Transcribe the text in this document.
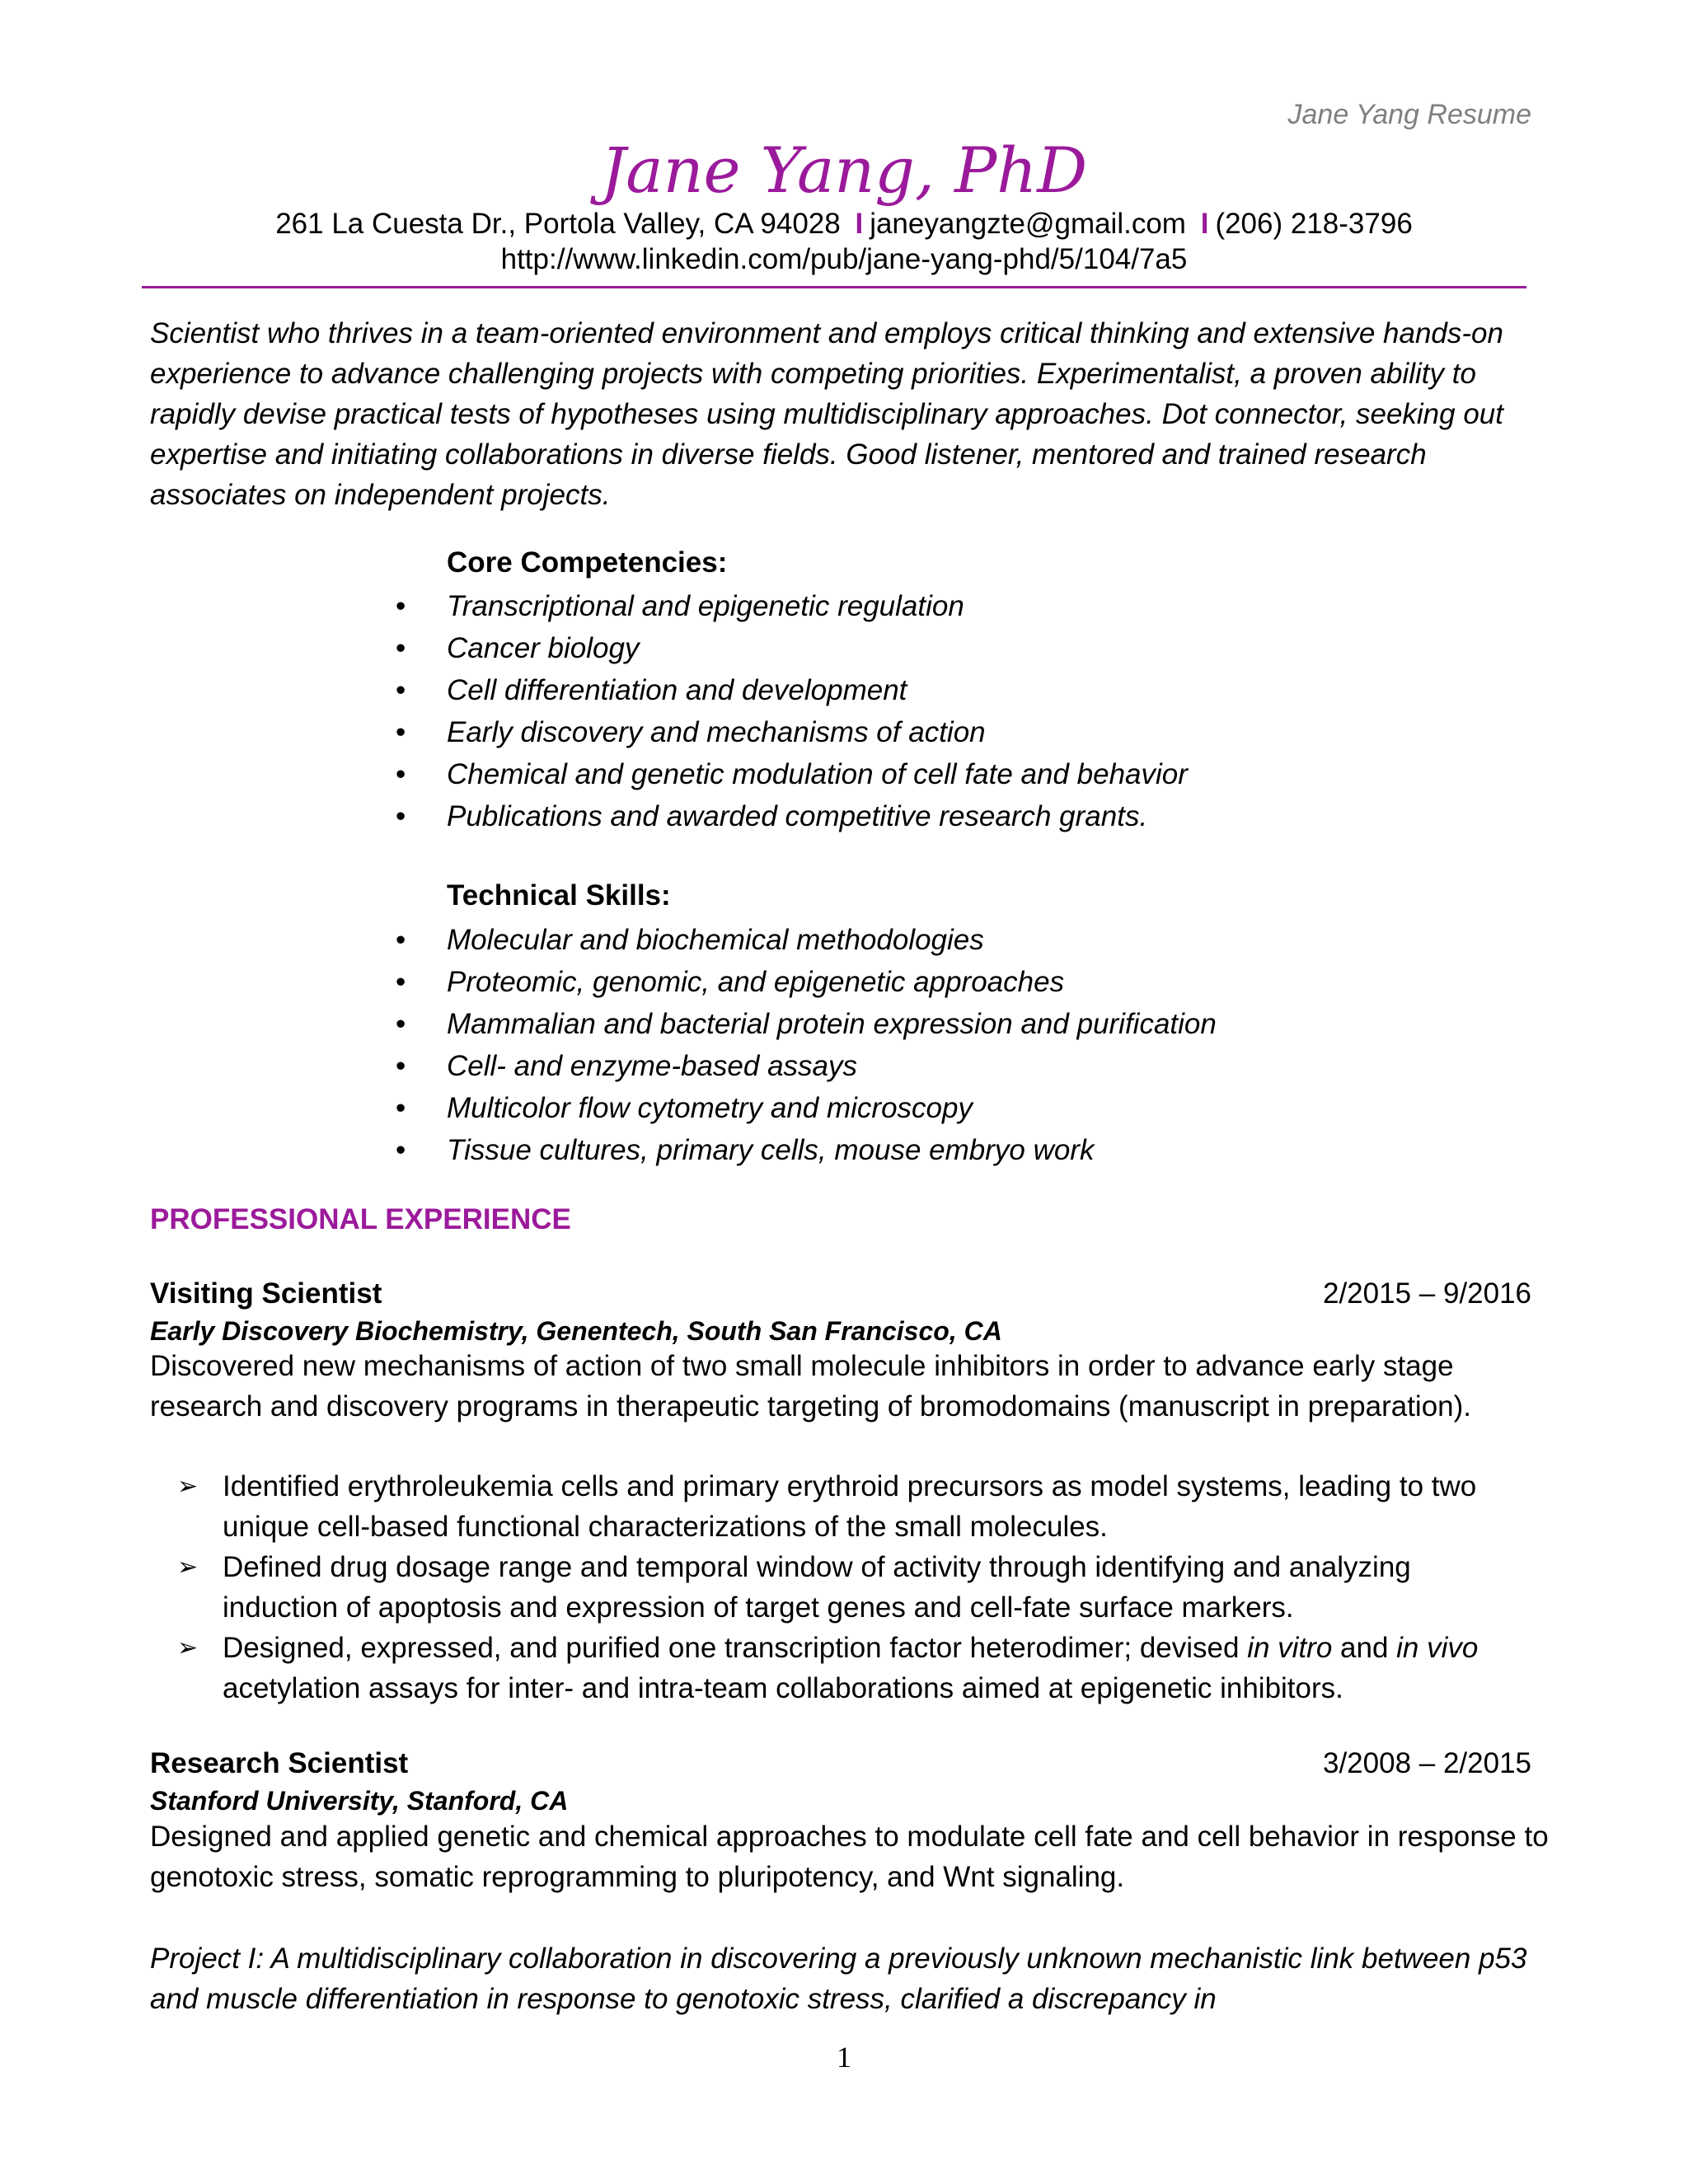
Jane Yang Resume
Jane Yang, PhD
261 La Cuesta Dr., Portola Valley, CA 94028 I janeyangzte@gmail.com I (206) 218-3796
http://www.linkedin.com/pub/jane-yang-phd/5/104/7a5
Scientist who thrives in a team-oriented environment and employs critical thinking and extensive hands-on experience to advance challenging projects with competing priorities. Experimentalist, a proven ability to rapidly devise practical tests of hypotheses using multidisciplinary approaches. Dot connector, seeking out expertise and initiating collaborations in diverse fields. Good listener, mentored and trained research associates on independent projects.
Core Competencies:
• Transcriptional and epigenetic regulation
• Cancer biology
• Cell differentiation and development
• Early discovery and mechanisms of action
• Chemical and genetic modulation of cell fate and behavior
• Publications and awarded competitive research grants.
Technical Skills:
• Molecular and biochemical methodologies
• Proteomic, genomic, and epigenetic approaches
• Mammalian and bacterial protein expression and purification
• Cell- and enzyme-based assays
• Multicolor flow cytometry and microscopy
• Tissue cultures, primary cells, mouse embryo work
PROFESSIONAL EXPERIENCE
Visiting Scientist	2/2015 – 9/2016
Early Discovery Biochemistry, Genentech, South San Francisco, CA
Discovered new mechanisms of action of two small molecule inhibitors in order to advance early stage research and discovery programs in therapeutic targeting of bromodomains (manuscript in preparation).
➢ Identified erythroleukemia cells and primary erythroid precursors as model systems, leading to two unique cell-based functional characterizations of the small molecules.
➢ Defined drug dosage range and temporal window of activity through identifying and analyzing induction of apoptosis and expression of target genes and cell-fate surface markers.
➢ Designed, expressed, and purified one transcription factor heterodimer; devised in vitro and in vivo acetylation assays for inter- and intra-team collaborations aimed at epigenetic inhibitors.
Research Scientist	3/2008 – 2/2015
Stanford University, Stanford, CA
Designed and applied genetic and chemical approaches to modulate cell fate and cell behavior in response to genotoxic stress, somatic reprogramming to pluripotency, and Wnt signaling.
Project I: A multidisciplinary collaboration in discovering a previously unknown mechanistic link between p53 and muscle differentiation in response to genotoxic stress, clarified a discrepancy in
1
